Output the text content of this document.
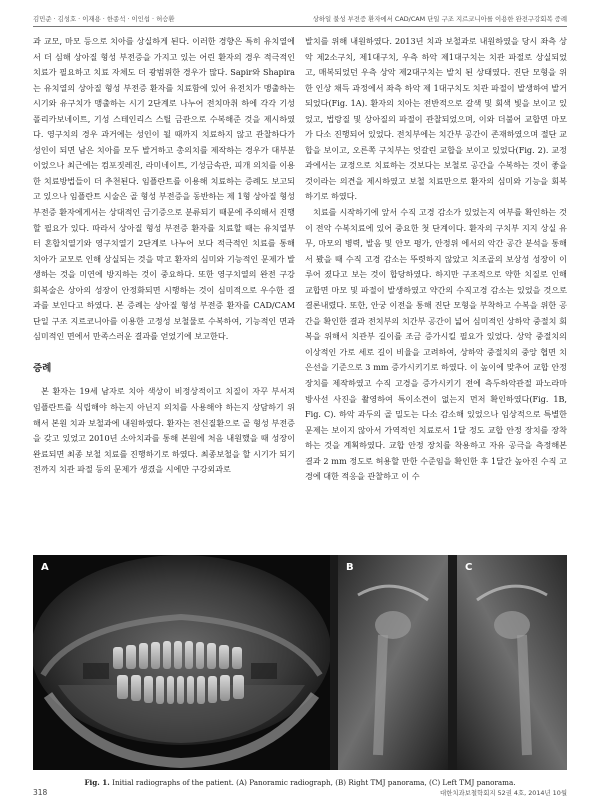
김민준 · 김성호 · 이재용 · 한종석 · 이인섭 · 허승환	상하일 불성 부전증 환자에서 CAD/CAM 단일 구조 지르코니아를 이용한 완전구강회복 증례

과 교모, 마모 등으로 치아를 상실하게 된다. 이러한 경향은 특히 유치열에서 더 심해 상아질 형성 부전증을 가지고 있는 어린 환자의 경우 적극적인 치료가 필요하고 치료 자체도 더 광범위한 경우가 많다. Sapir와 Shapira는 유치열의 상아질 형성 부전증 환자를 치료함에 있어 유전치가 맹출하는 시기와 유구치가 맹출하는 시기 2단계로 나누어 전치마취 하에 각각 기성 폴리카보네이트, 기성 스테인리스 스틸 금관으로 수복해준 것을 제시하였다. 영구치의 경우 과거에는 성인이 될 때까지 치료하지 않고 관찰하다가 성인이 되면 남은 치아를 모두 발거하고 총의치를 제작하는 경우가 대부분이었으나 최근에는 컴포짓레진, 라미네이트, 기성금속관, 피개 의치를 이용한 치료방법들이 더 추천된다. 임플란트를 이용해 치료하는 증례도 보고되고 있으나 임플란트 시술은 골 형성 부전증을 동반하는 제 1형 상아질 형성 부전증 환자에게서는 상대적인 금기증으로 분류되기 때문에 주의해서 진행할 필요가 있다. 따라서 상아질 형성 부전증 환자를 치료할 때는 유치열부터 혼합치열기와 영구치열기 2단계로 나누어 보다 적극적인 치료를 통해 치아가 교모로 인해 상실되는 것을 막고 환자의 심미와 기능적인 문제가 발생하는 것을 미연에 방지하는 것이 중요하다. 또한 영구치열의 완전 구강 회복술은 상아의 성장이 안정화되면 시행하는 것이 심미적으로 우수한 결과를 보인다고 하였다. 본 증례는 상아질 형성 부전증 환자를 CAD/CAM 단일 구조 지르코니아를 이용한 고정성 보철물로 수복하여, 기능적인 면과 심미적인 면에서 만족스러운 결과를 얻었기에 보고한다.

증례

본 환자는 19세 남자로 치아 색상이 비정상적이고 치질이 자꾸 부서져 임플란트를 식립해야 하는지 아닌지 의치를 사용해야 하는지 상담하기 위해서 본원 치과 보철과에 내원하였다. 환자는 전신질환으로 골 형성 부전증을 갖고 있었고 2010년 소아치과를 통해 본원에 처음 내원했을 때 성장이 완료되면 최종 보철 치료를 진행하기로 하였다. 최종보철을 할 시기가 되기 전까지 치관 파절 등의 문제가 생겼을 시에만 구강외과로

발치를 위해 내원하였다. 2013년 치과 보철과로 내원하였을 당시 좌측 상악 제2소구치, 제1대구치, 우측 하악 제1대구치는 치관 파절로 상실되었고, 매복되었던 우측 상악 제2대구치는 발치 된 상태였다. 진단 모형을 위한 인상 채득 과정에서 좌측 하악 제 1대구치도 치관 파절이 발생하여 발거 되었다(Fig. 1A). 환자의 치아는 전반적으로 갈색 및 회색 빛을 보이고 있었고, 법랑질 및 상아질의 파절이 관찰되었으며, 이와 더불어 교합면 마모가 다소 진행되어 있었다. 전치부에는 치간부 공간이 존재하였으며 절단 교합을 보이고, 오른쪽 구치부는 엇갈린 교합을 보이고 있었다(Fig. 2). 교정과에서는 교정으로 치료하는 것보다는 보철로 공간을 수복하는 것이 좋을 것이라는 의견을 제시하였고 보철 치료만으로 환자의 심미와 기능을 회복하기로 하였다.

치료를 시작하기에 앞서 수직 고경 감소가 있었는지 여부를 확인하는 것이 전악 수복치료에 있어 중요한 첫 단계이다. 환자의 구치부 지지 상실 유무, 마모의 병력, 발음 및 안모 평가, 안정위 에서의 악간 공간 분석을 통해서 봤을 때 수직 고경 감소는 뚜렷하지 않았고 치조골의 보상성 성장이 이루어 졌다고 보는 것이 합당하였다. 하지만 구조적으로 약한 치질로 인해 교합면 마모 및 파절이 발생하였고 약간의 수직고경 감소는 있었을 것으로 결론내렸다. 또한, 안궁 이전을 통해 진단 모형을 부착하고 수복을 위한 공간을 확인한 결과 전치부의 치간부 공간이 넓어 심미적인 상하악 중절치 회복을 위해서 치관부 길이를 조금 증가시킬 필요가 있었다. 상악 중절치의 이상적인 가로 세로 길이 비율을 고려하여, 상하악 중절치의 중앙 협면 치은선을 기준으로 3 mm 증가시키기로 하였다. 이 높이에 맞추어 교합 안정 장치를 제작하였고 수직 고경을 증가시키기 전에 측두하악관절 파노라마 방사선 사진을 촬영하여 특이소견이 없는지 먼저 확인하였다(Fig. 1B, Fig. C). 하악 과두의 골 밀도는 다소 감소해 있었으나 임상적으로 특별한 문제는 보이지 않아서 가역적인 치료로서 1달 정도 교합 안정 장치를 장착하는 것을 계획하였다. 교합 안정 장치를 착용하고 자유 공극을 측정해본 결과 2 mm 정도로 허용할 만한 수준임을 확인한 후 1달간 높아진 수직 고경에 대한 적응을 관찰하고 이 수

A	B	C
Fig. 1. Initial radiographs of the patient. (A) Panoramic radiograph, (B) Right TMJ panorama, (C) Left TMJ panorama.
318	대한치과보철학회지 52권 4호, 2014년 10월
